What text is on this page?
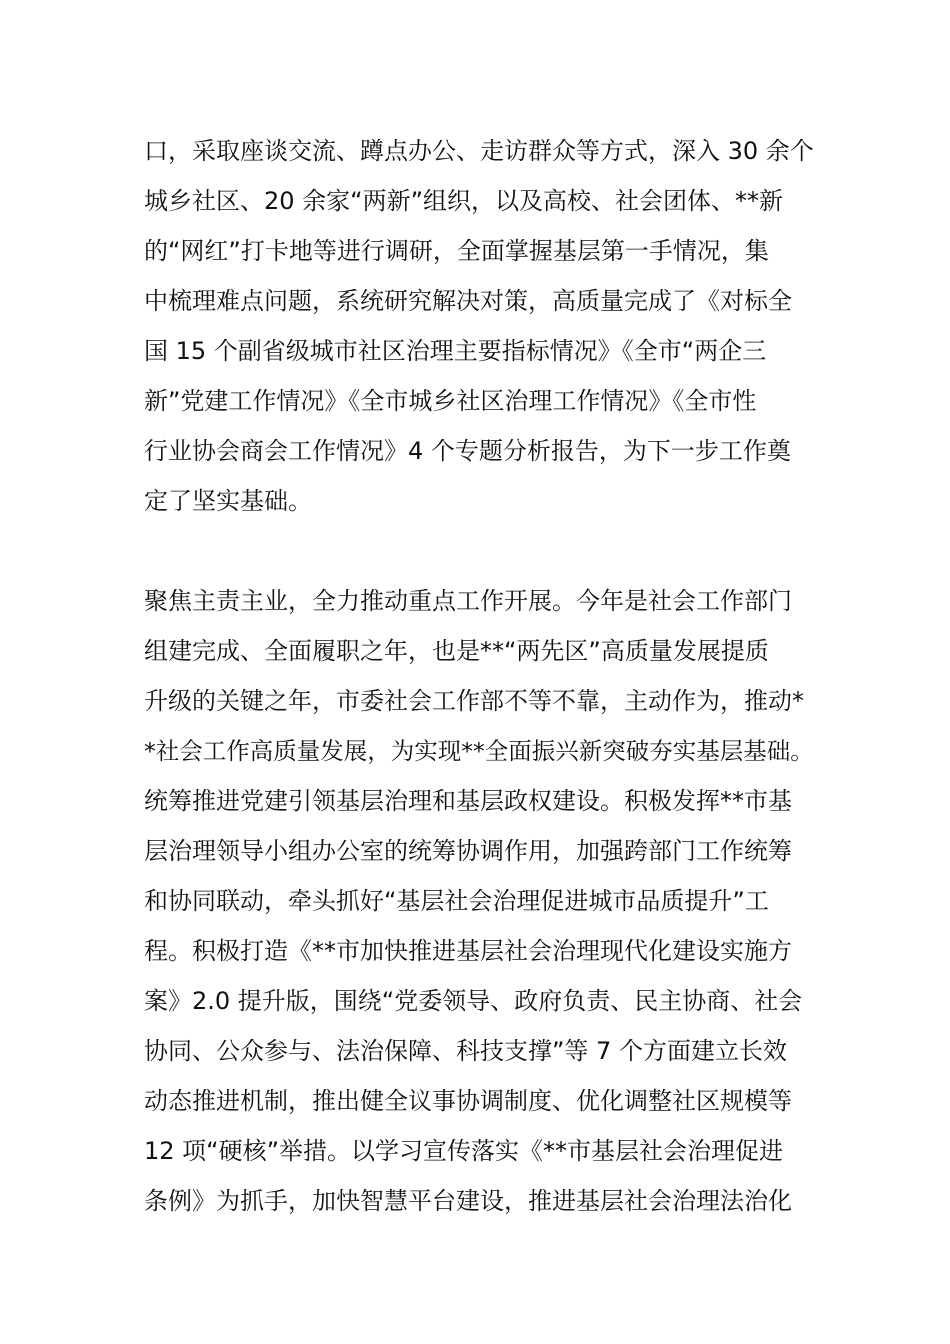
口，采取座谈交流、蹲点办公、走访群众等方式，深入 30 余个
城乡社区、20 余家“两新”组织，以及高校、社会团体、**新
的“网红”打卡地等进行调研，全面掌握基层第一手情况，集
中梳理难点问题，系统研究解决对策，高质量完成了《对标全
国 15 个副省级城市社区治理主要指标情况》《全市“两企三
新”党建工作情况》《全市城乡社区治理工作情况》《全市性
行业协会商会工作情况》4 个专题分析报告，为下一步工作奠
定了坚实基础。
聚焦主责主业，全力推动重点工作开展。今年是社会工作部门
组建完成、全面履职之年，也是**“两先区”高质量发展提质
升级的关键之年，市委社会工作部不等不靠，主动作为，推动*
*社会工作高质量发展，为实现**全面振兴新突破夯实基层基础。
统筹推进党建引领基层治理和基层政权建设。积极发挥**市基
层治理领导小组办公室的统筹协调作用，加强跨部门工作统筹
和协同联动，牵头抓好“基层社会治理促进城市品质提升”工
程。积极打造《**市加快推进基层社会治理现代化建设实施方
案》2.0 提升版，围绕“党委领导、政府负责、民主协商、社会
协同、公众参与、法治保障、科技支撑”等 7 个方面建立长效
动态推进机制，推出健全议事协调制度、优化调整社区规模等
12 项“硬核”举措。以学习宣传落实《**市基层社会治理促进
条例》为抓手，加快智慧平台建设，推进基层社会治理法治化
